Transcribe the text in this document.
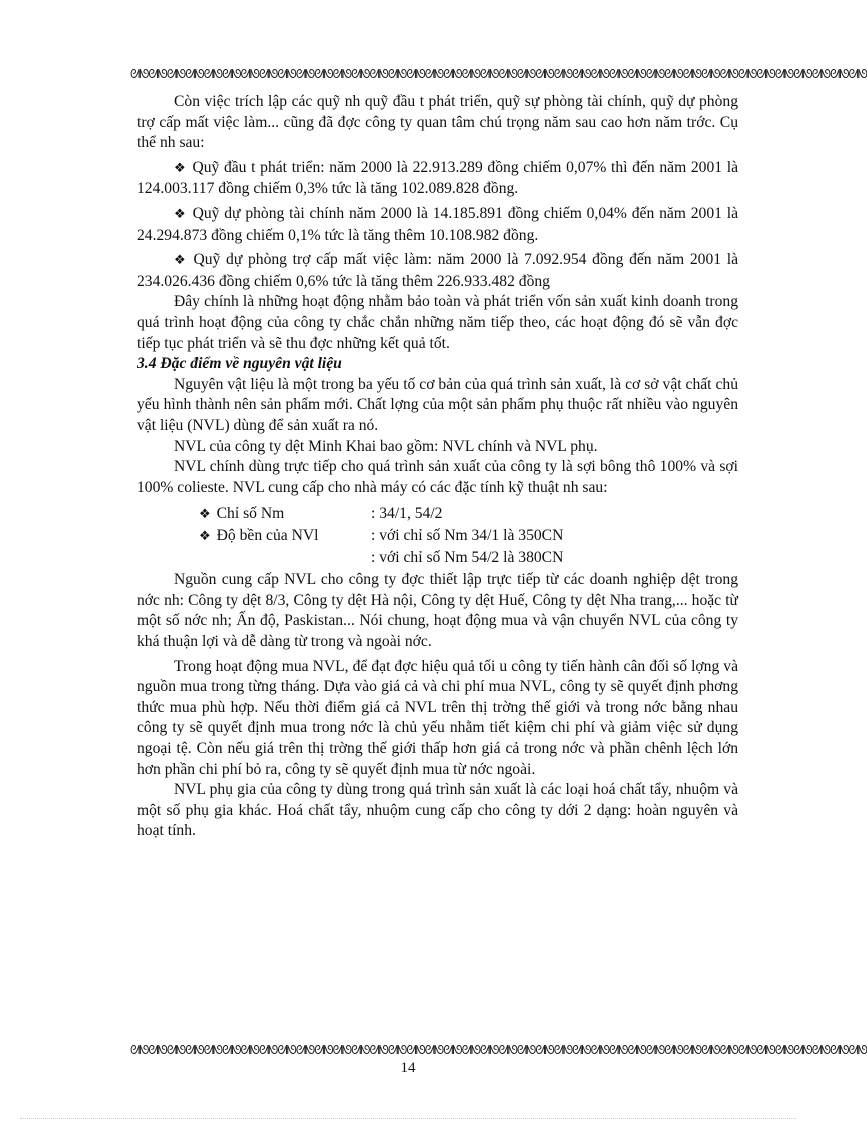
ᘛᘚᘛᘚᘛᘚᘛᘚᘛᘚᘛᘚᘛᘚᘛᘚᘛᘚᘛᘚᘛᘚᘛᘚᘛᘚᘛᘚᘛᘚᘛᘚᘛᘚᘛᘚᘛᘚᘛᘚᘛᘚᘛᘚᘛᘚᘛᘚᘛᘚᘛᘚᘛᘚᘛᘚᘛᘚᘛᘚᘛᘚᘛᘚᘛᘚᘛᘚᘛᘚᘛᘚᘛᘚᘛᘚᘛᘚᘛᘚ

Còn việc trích lập các quỹ nh quỹ đầu t phát triển, quỹ sự phòng tài chính, quỹ dự phòng trợ cấp mất việc làm... cũng đã đợc công ty quan tâm chú trọng năm sau cao hơn năm trớc. Cụ thể nh sau:

❖ Quỹ đầu t phát triển: năm 2000 là 22.913.289 đồng chiếm 0,07% thì đến năm 2001 là 124.003.117 đồng chiếm 0,3% tức là tăng 102.089.828 đồng.

❖ Quỹ dự phòng tài chính năm 2000 là 14.185.891 đồng chiếm 0,04% đến năm 2001 là 24.294.873 đồng chiếm 0,1% tức là tăng thêm 10.108.982 đồng.

❖ Quỹ dự phòng trợ cấp mất việc làm: năm 2000 là 7.092.954 đồng đến năm 2001 là 234.026.436 đồng chiếm 0,6% tức là tăng thêm 226.933.482 đồng

Đây chính là những hoạt động nhằm bảo toàn và phát triển vốn sản xuất kinh doanh trong quá trình hoạt động của công ty chắc chắn những năm tiếp theo, các hoạt động đó sẽ vẫn đợc tiếp tục phát triển và sẽ thu đợc những kết quả tốt.

3.4 Đặc điểm về nguyên vật liệu

Nguyên vật liệu là một trong ba yếu tố cơ bản của quá trình sản xuất, là cơ sở vật chất chủ yếu hình thành nên sản phẩm mới. Chất lợng của một sản phẩm phụ thuộc rất nhiều vào nguyên vật liệu (NVL) dùng để sản xuất ra nó.

NVL của công ty dệt Minh Khai bao gồm: NVL chính và NVL phụ.

NVL chính dùng trực tiếp cho quá trình sản xuất của công ty là sợi bông thô 100% và sợi 100% colieste. NVL cung cấp cho nhà máy có các đặc tính kỹ thuật nh sau:

❖ Chỉ số Nm	: 34/1, 54/2
❖ Độ bền của NVl	: với chỉ số Nm 34/1 là 350CN
: với chỉ số Nm 54/2 là 380CN

Nguồn cung cấp NVL cho công ty đợc thiết lập trực tiếp từ các doanh nghiệp dệt trong nớc nh: Công ty dệt 8/3, Công ty dệt Hà nội, Công ty dệt Huế, Công ty dệt Nha trang,... hoặc từ một số nớc nh; Ấn độ, Paskistan... Nói chung, hoạt động mua và vận chuyển NVL của công ty khá thuận lợi và dễ dàng từ trong và ngoài nớc.

Trong hoạt động mua NVL, để đạt đợc hiệu quả tối u công ty tiến hành cân đối số lợng và nguồn mua trong từng tháng. Dựa vào giá cả và chi phí mua NVL, công ty sẽ quyết định phơng thức mua phù hợp. Nếu thời điểm giá cả NVL trên thị trờng thế giới và trong nớc bằng nhau công ty sẽ quyết định mua trong nớc là chủ yếu nhằm tiết kiệm chi phí và giảm việc sử dụng ngoại tệ. Còn nếu giá trên thị trờng thế giới thấp hơn giá cả trong nớc và phần chênh lệch lớn hơn phần chi phí bỏ ra, công ty sẽ quyết định mua từ nớc ngoài.

NVL phụ gia của công ty dùng trong quá trình sản xuất là các loại hoá chất tẩy, nhuộm và một số phụ gia khác. Hoá chất tẩy, nhuộm cung cấp cho công ty dới 2 dạng: hoàn nguyên và hoạt tính.

ᘛᘚᘛᘚᘛᘚᘛᘚᘛᘚᘛᘚᘛᘚᘛᘚᘛᘚᘛᘚᘛᘚᘛᘚᘛᘚᘛᘚᘛᘚᘛᘚᘛᘚᘛᘚᘛᘚᘛᘚᘛᘚᘛᘚᘛᘚᘛᘚᘛᘚᘛᘚᘛᘚᘛᘚᘛᘚᘛᘚᘛᘚᘛᘚᘛᘚᘛᘚᘛᘚᘛᘚᘛᘚᘛᘚᘛᘚᘛᘚ
14
